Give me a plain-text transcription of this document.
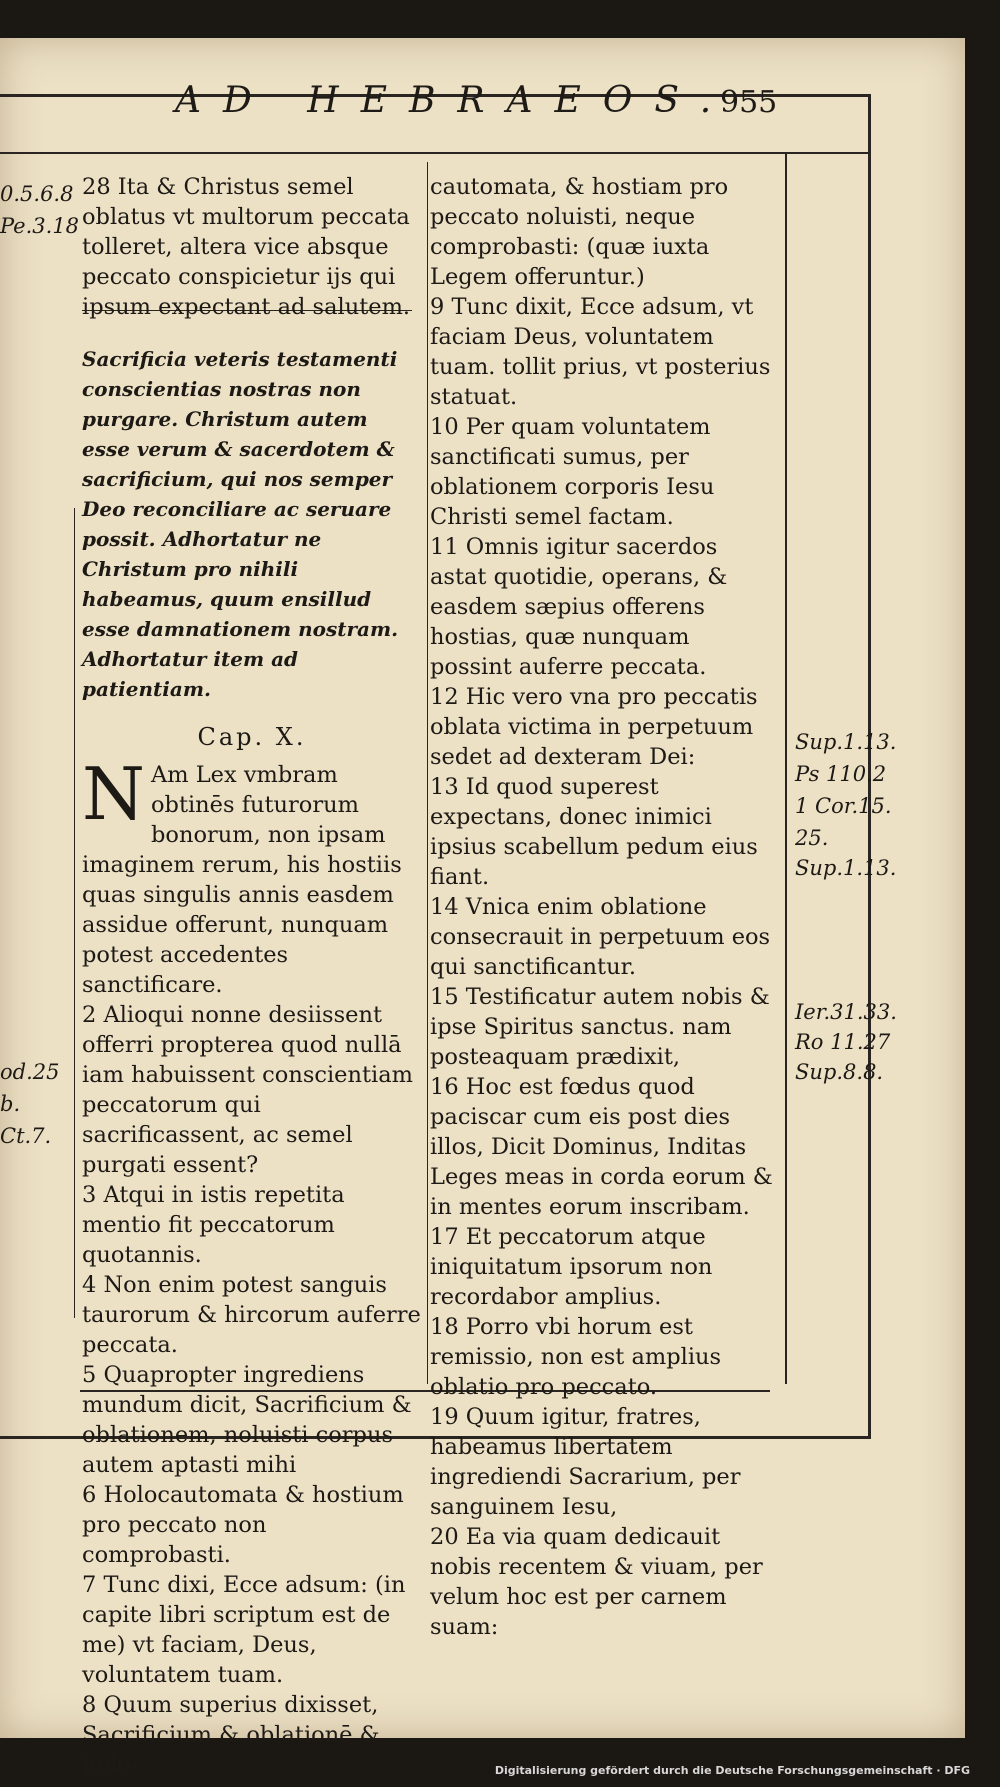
AD HEBRAEOS.
955
0.5.6.8
Pe.3.18
od.25
b.
Ct.7.
Sup.1.13.
Ps 110.2
1 Cor.15.
25.
Sup.1.13.
Ier.31.33.
Ro 11.27
Sup.8.8.

28 Ita & Christus semel oblatus vt multorum peccata tolleret, altera vice absque peccato conspicietur ijs qui ipsum expectant ad salutem.

Sacrificia veteris testamenti conscientias nostras non purgare. Christum autem esse verum & sacerdotem & sacrificium, qui nos semper Deo reconciliare ac seruare possit. Adhortatur ne Christum pro nihili habeamus, quum ensillud esse damnationem nostram. Adhortatur item ad patientiam.

Cap. X.

N Am Lex vmbram obtinēs futurorum bonorum, non ipsam imaginem rerum, his hostiis quas singulis annis easdem assidue offerunt, nunquam potest accedentes sanctificare.

2 Alioqui nonne desiissent offerri propterea quod nullā iam habuissent conscientiam peccatorum qui sacrificassent, ac semel purgati essent?

3 Atqui in istis repetita mentio fit peccatorum quotannis.

4 Non enim potest sanguis taurorum & hircorum auferre peccata.

5 Quapropter ingrediens mundum dicit, Sacrificium & oblationem, noluisti corpus autem aptasti mihi

6 Holocautomata & hostium pro peccato non comprobasti.

7 Tunc dixi, Ecce adsum: (in capite libri scriptum est de me) vt faciam, Deus, voluntatem tuam.

8 Quum superius dixisset, Sacrificium & oblationē & holo-

cautomata, & hostiam pro peccato noluisti, neque comprobasti: (quæ iuxta Legem offeruntur.)

9 Tunc dixit, Ecce adsum, vt faciam Deus, voluntatem tuam. tollit prius, vt posterius statuat.

10 Per quam voluntatem sanctificati sumus, per oblationem corporis Iesu Christi semel factam.

11 Omnis igitur sacerdos astat quotidie, operans, & easdem sæpius offerens hostias, quæ nunquam possint auferre peccata.

12 Hic vero vna pro peccatis oblata victima in perpetuum sedet ad dexteram Dei:

13 Id quod superest expectans, donec inimici ipsius scabellum pedum eius fiant.

14 Vnica enim oblatione consecrauit in perpetuum eos qui sanctificantur.

15 Testificatur autem nobis & ipse Spiritus sanctus. nam posteaquam prædixit,

16 Hoc est fœdus quod paciscar cum eis post dies illos, Dicit Dominus, Inditas Leges meas in corda eorum & in mentes eorum inscribam.

17 Et peccatorum atque iniquitatum ipsorum non recordabor amplius.

18 Porro vbi horum est remissio, non est amplius oblatio pro peccato.

19 Quum igitur, fratres, habeamus libertatem ingrediendi Sacrarium, per sanguinem Iesu,

20 Ea via quam dedicauit nobis recentem & viuam, per velum hoc est per carnem suam:

Digitalisierung gefördert durch die Deutsche Forschungsgemeinschaft · DFG
